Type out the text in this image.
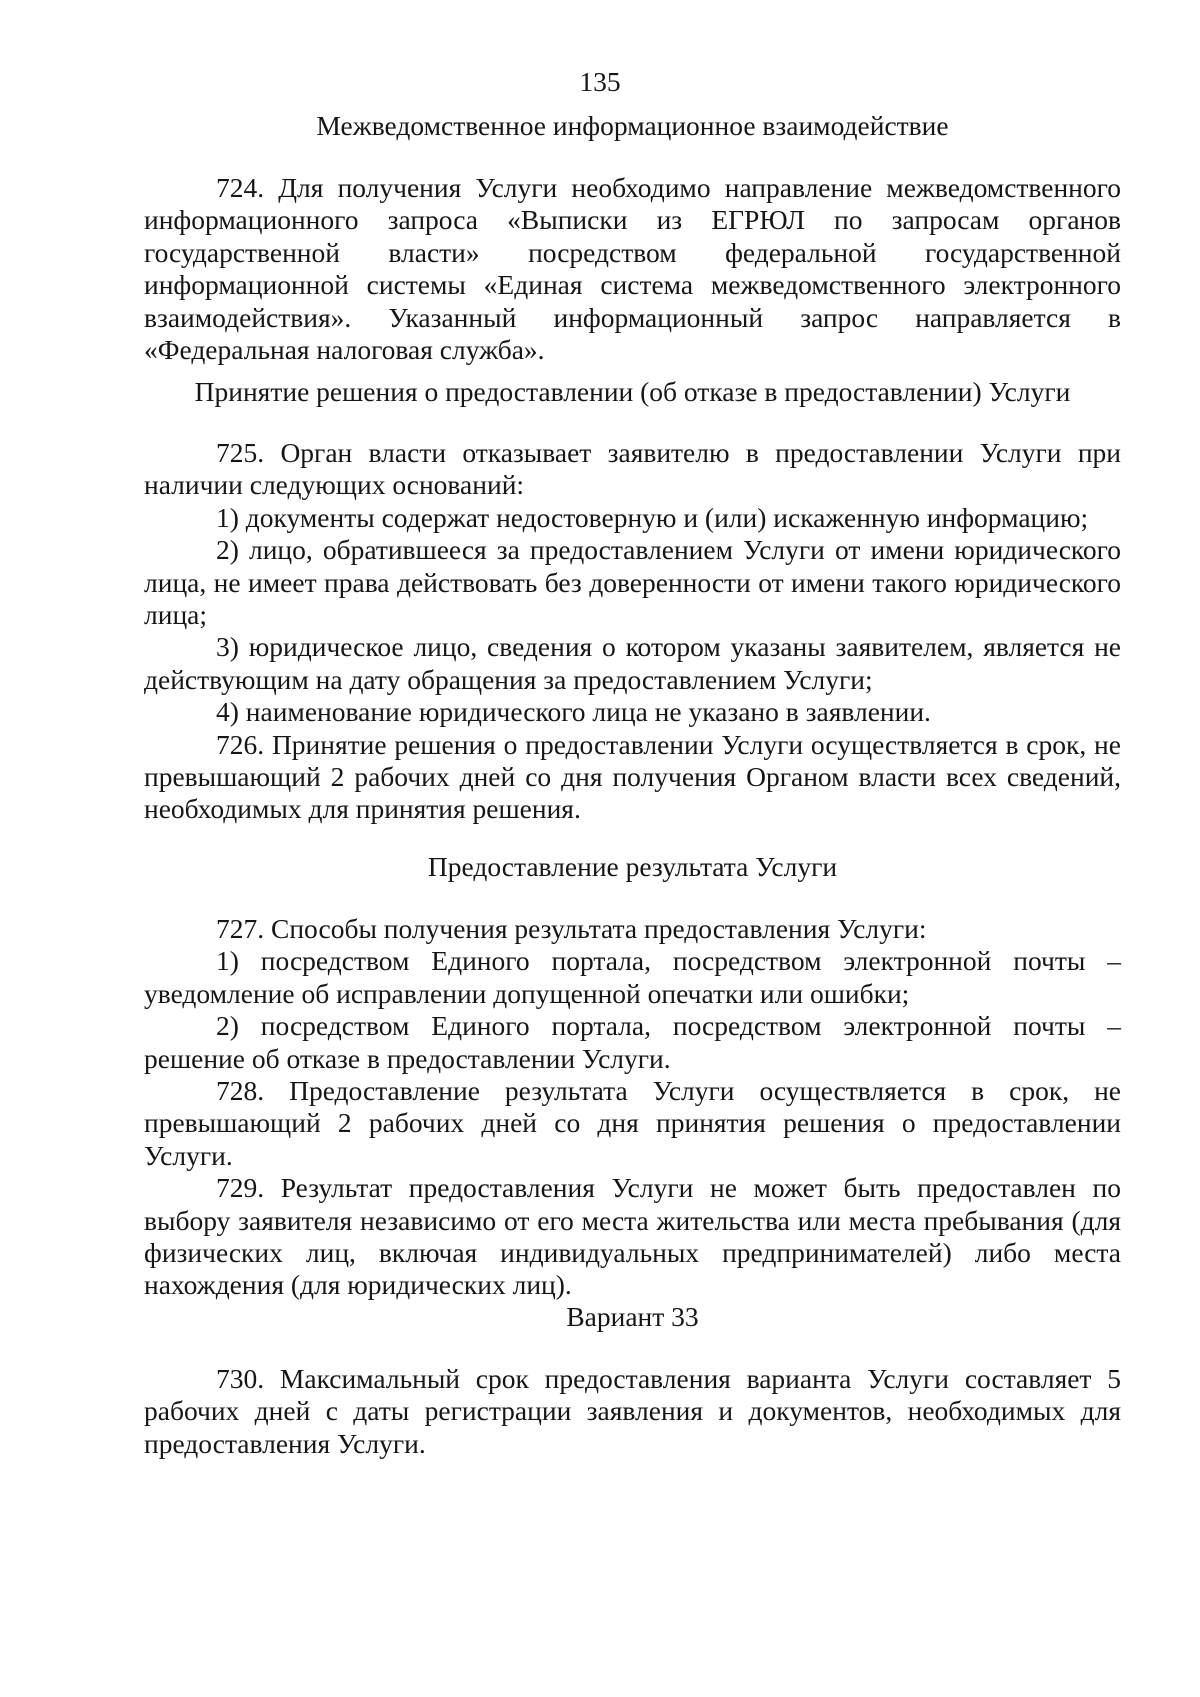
135
Межведомственное информационное взаимодействие

724. Для получения Услуги необходимо направление межведомственного информационного запроса «Выписки из ЕГРЮЛ по запросам органов государственной власти» посредством федеральной государственной информационной системы «Единая система межведомственного электронного взаимодействия». Указанный информационный запрос направляется в «Федеральная налоговая служба».

Принятие решения о предоставлении (об отказе в предоставлении) Услуги

725. Орган власти отказывает заявителю в предоставлении Услуги при наличии следующих оснований:

1) документы содержат недостоверную и (или) искаженную информацию;

2) лицо, обратившееся за предоставлением Услуги от имени юридического лица, не имеет права действовать без доверенности от имени такого юридического лица;

3) юридическое лицо, сведения о котором указаны заявителем, является не действующим на дату обращения за предоставлением Услуги;

4) наименование юридического лица не указано в заявлении.

726. Принятие решения о предоставлении Услуги осуществляется в срок, не превышающий 2 рабочих дней со дня получения Органом власти всех сведений, необходимых для принятия решения.

Предоставление результата Услуги

727. Способы получения результата предоставления Услуги:

1) посредством Единого портала, посредством электронной почты – уведомление об исправлении допущенной опечатки или ошибки;

2) посредством Единого портала, посредством электронной почты – решение об отказе в предоставлении Услуги.

728. Предоставление результата Услуги осуществляется в срок, не превышающий 2 рабочих дней со дня принятия решения о предоставлении Услуги.

729. Результат предоставления Услуги не может быть предоставлен по выбору заявителя независимо от его места жительства или места пребывания (для физических лиц, включая индивидуальных предпринимателей) либо места нахождения (для юридических лиц).

Вариант 33

730. Максимальный срок предоставления варианта Услуги составляет 5 рабочих дней с даты регистрации заявления и документов, необходимых для предоставления Услуги.
